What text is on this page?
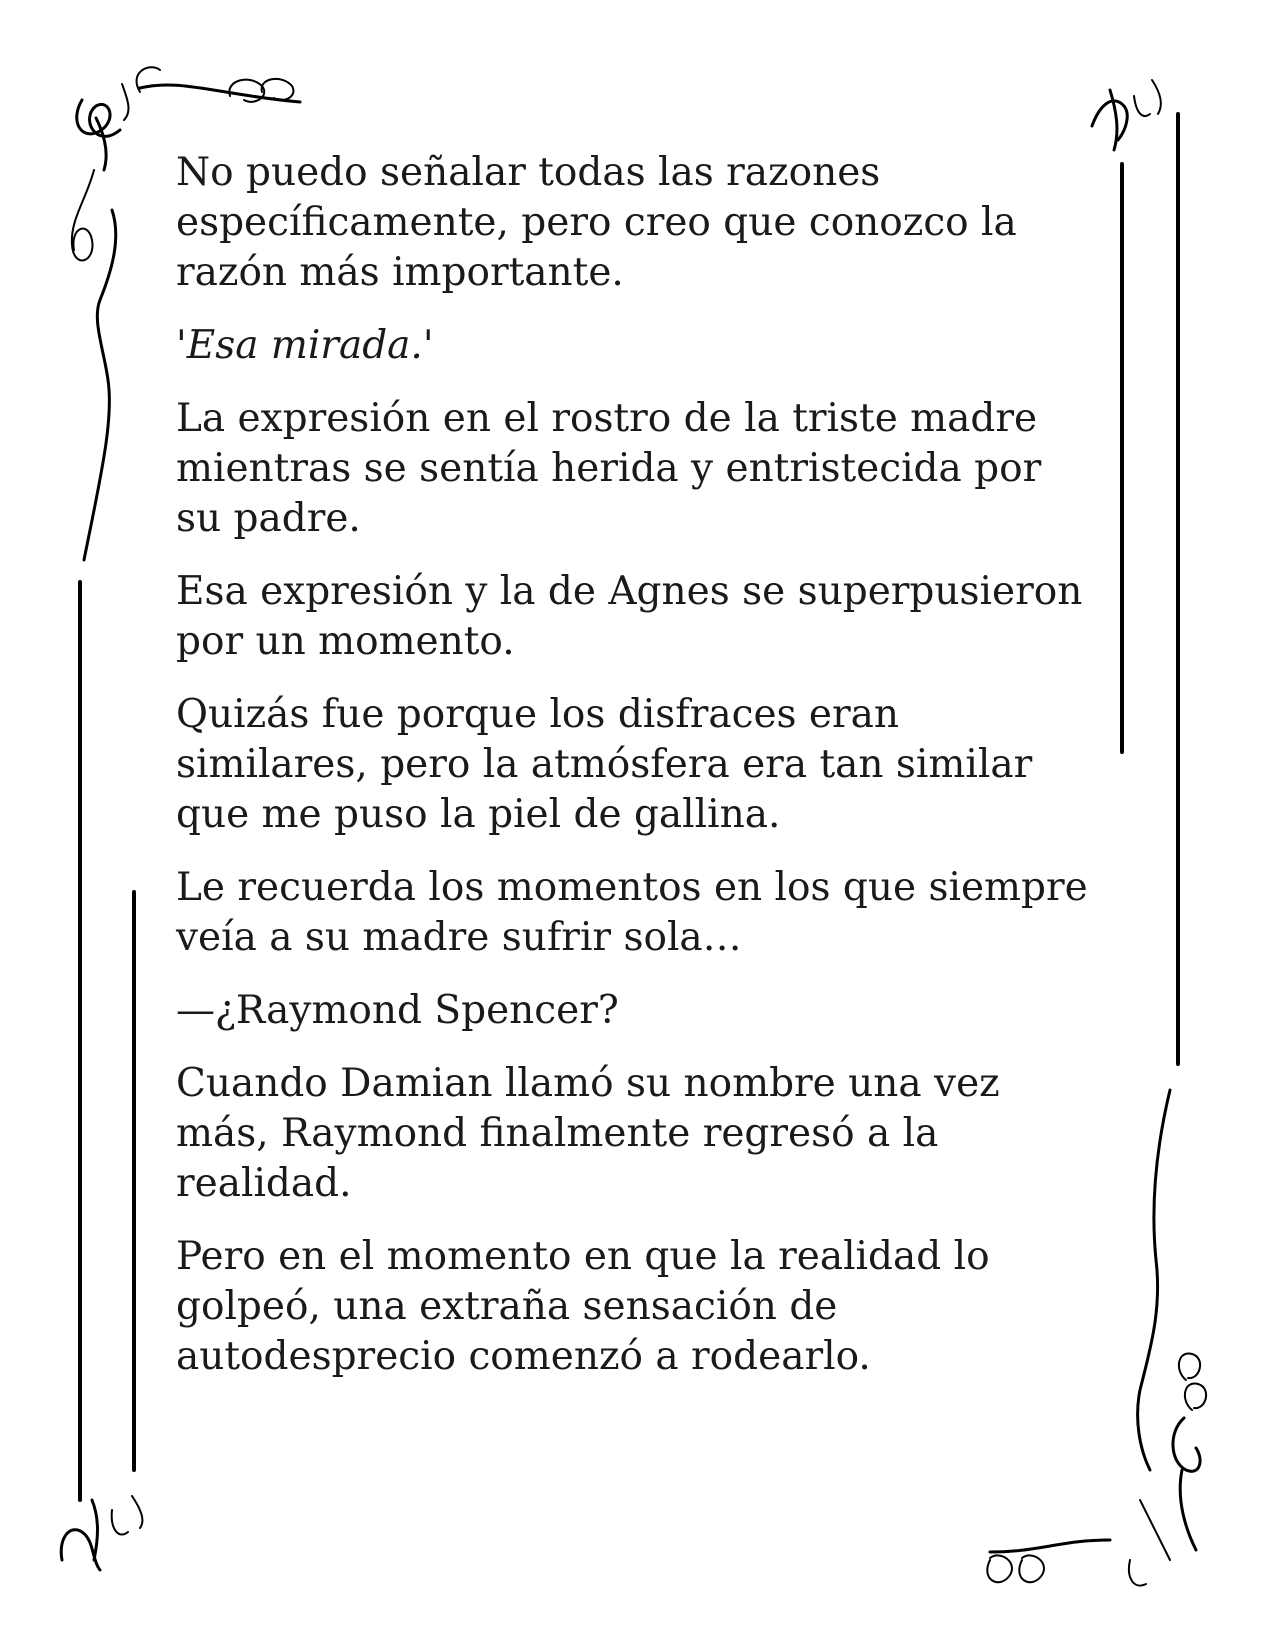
No puedo señalar todas las razones específicamente, pero creo que conozco la razón más importante.

'Esa mirada.'

La expresión en el rostro de la triste madre mientras se sentía herida y entristecida por su padre.

Esa expresión y la de Agnes se superpusieron por un momento.

Quizás fue porque los disfraces eran similares, pero la atmósfera era tan similar que me puso la piel de gallina.

Le recuerda los momentos en los que siempre veía a su madre sufrir sola…

—¿Raymond Spencer?

Cuando Damian llamó su nombre una vez más, Raymond finalmente regresó a la realidad.

Pero en el momento en que la realidad lo golpeó, una extraña sensación de autodesprecio comenzó a rodearlo.
